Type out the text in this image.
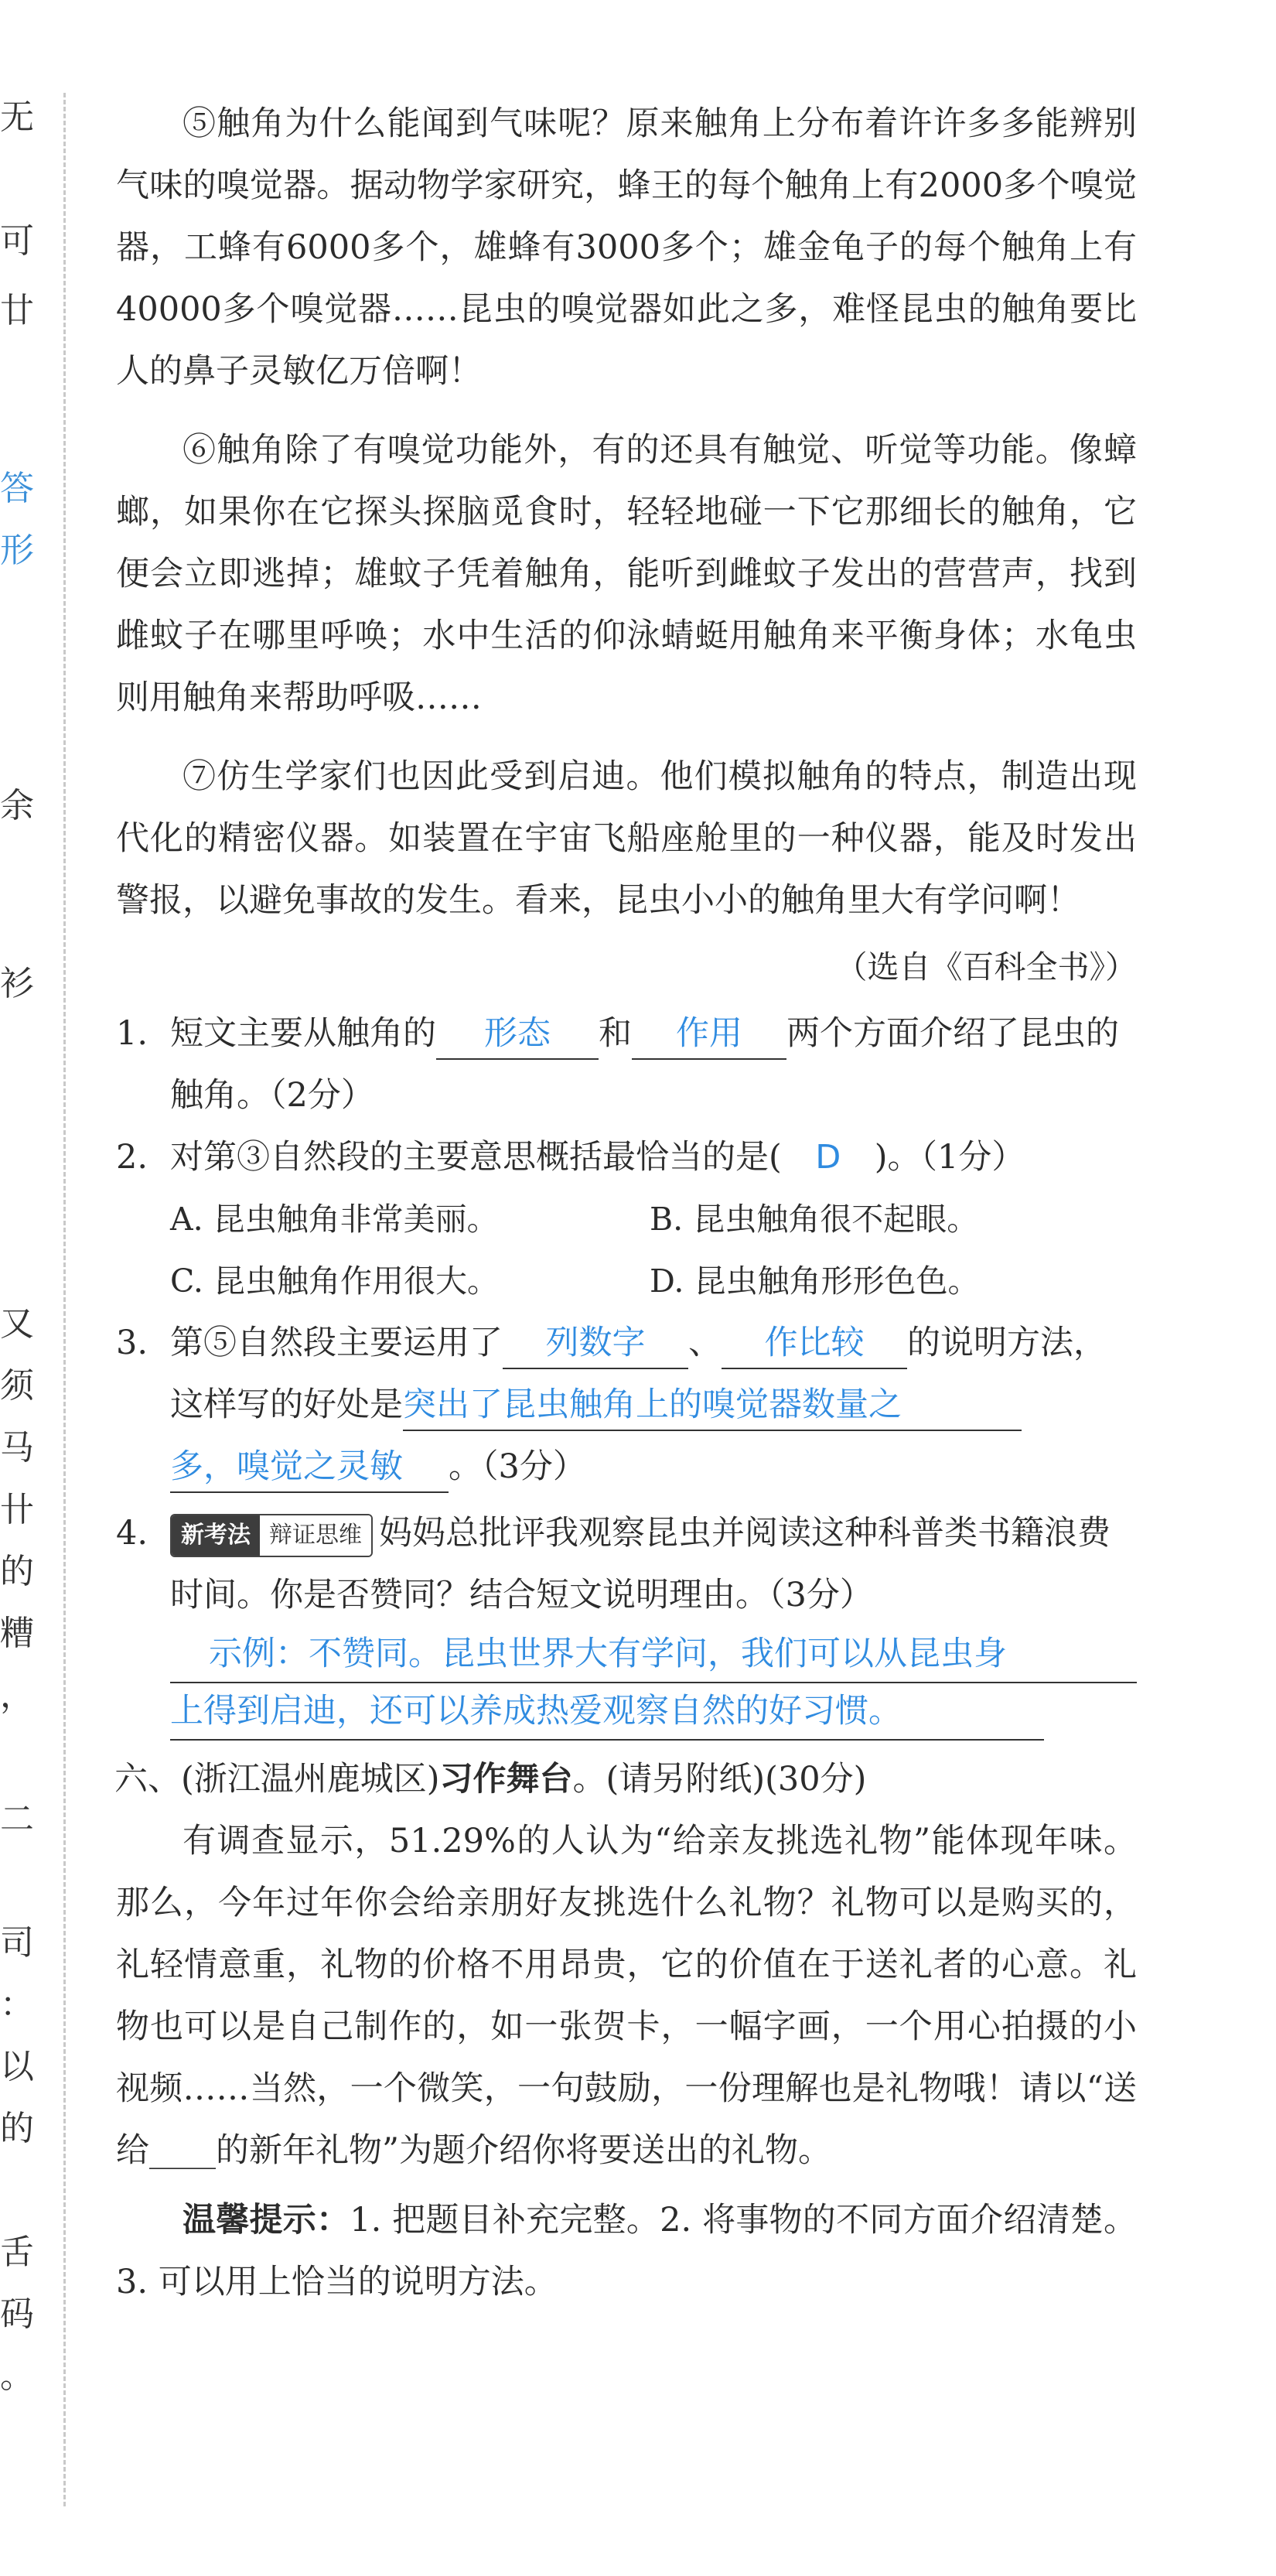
无
可
廿
答
形
余
衫
又
须
马
卄
的
糟
，
二
司
：
以
的
舌
码
。

⑤触角为什么能闻到气味呢？原来触角上分布着许许多多能辨别气味的嗅觉器。据动物学家研究，蜂王的每个触角上有2000多个嗅觉器，工蜂有6000多个，雄蜂有3000多个；雄金龟子的每个触角上有40000多个嗅觉器……昆虫的嗅觉器如此之多，难怪昆虫的触角要比人的鼻子灵敏亿万倍啊！

⑥触角除了有嗅觉功能外，有的还具有触觉、听觉等功能。像蟑螂，如果你在它探头探脑觅食时，轻轻地碰一下它那细长的触角，它便会立即逃掉；雄蚊子凭着触角，能听到雌蚊子发出的营营声，找到雌蚊子在哪里呼唤；水中生活的仰泳蜻蜓用触角来平衡身体；水龟虫则用触角来帮助呼吸……

⑦仿生学家们也因此受到启迪。他们模拟触角的特点，制造出现代化的精密仪器。如装置在宇宙飞船座舱里的一种仪器，能及时发出警报，以避免事故的发生。看来，昆虫小小的触角里大有学问啊！

（选自《百科全书》）

1. 短文主要从触角的 形态 和 作用 两个方面介绍了昆虫的触角。（2分）
2. 对第③自然段的主要意思概括最恰当的是( D )。（1分）
A. 昆虫触角非常美丽。	B. 昆虫触角很不起眼。
C. 昆虫触角作用很大。	D. 昆虫触角形形色色。
3. 第⑤自然段主要运用了 列数字 、 作比较 的说明方法，这样写的好处是突出了昆虫触角上的嗅觉器数量之
多，嗅觉之灵敏 。（3分）
4.	新考法 辩证思维 妈妈总批评我观察昆虫并阅读这种科普类书籍浪费时间。你是否赞同？结合短文说明理由。（3分）
示例：不赞同。昆虫世界大有学问，我们可以从昆虫身
上得到启迪，还可以养成热爱观察自然的好习惯。
六、(浙江温州鹿城区)习作舞台。(请另附纸)(30分)

有调查显示，51.29%的人认为“给亲友挑选礼物”能体现年味。那么，今年过年你会给亲朋好友挑选什么礼物？礼物可以是购买的，礼轻情意重，礼物的价格不用昂贵，它的价值在于送礼者的心意。礼物也可以是自己制作的，如一张贺卡，一幅字画，一个用心拍摄的小视频……当然，一个微笑，一句鼓励，一份理解也是礼物哦！请以“送给____的新年礼物”为题介绍你将要送出的礼物。

温馨提示：1. 把题目补充完整。2. 将事物的不同方面介绍清楚。3. 可以用上恰当的说明方法。
